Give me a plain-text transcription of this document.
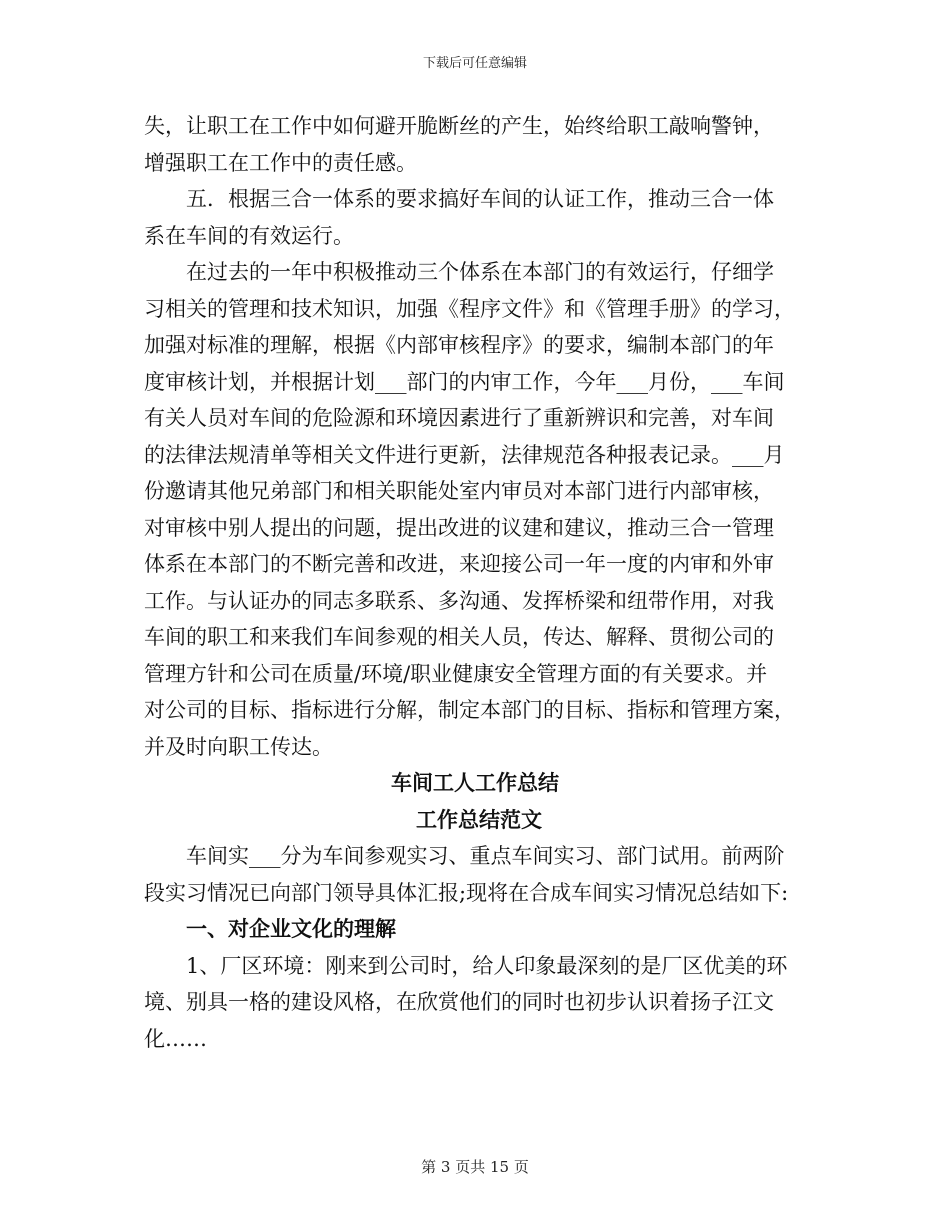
下载后可任意编辑
失，让职工在工作中如何避开脆断丝的产生，始终给职工敲响警钟，
增强职工在工作中的责任感。
五．根据三合一体系的要求搞好车间的认证工作，推动三合一体
系在车间的有效运行。
在过去的一年中积极推动三个体系在本部门的有效运行，仔细学
习相关的管理和技术知识，加强《程序文件》和《管理手册》的学习，
加强对标准的理解，根据《内部审核程序》的要求，编制本部门的年
度审核计划，并根据计划___部门的内审工作，今年___月份，___车间
有关人员对车间的危险源和环境因素进行了重新辨识和完善，对车间
的法律法规清单等相关文件进行更新，法律规范各种报表记录。___月
份邀请其他兄弟部门和相关职能处室内审员对本部门进行内部审核，
对审核中别人提出的问题，提出改进的议建和建议，推动三合一管理
体系在本部门的不断完善和改进，来迎接公司一年一度的内审和外审
工作。与认证办的同志多联系、多沟通、发挥桥梁和纽带作用，对我
车间的职工和来我们车间参观的相关人员，传达、解释、贯彻公司的
管理方针和公司在质量/环境/职业健康安全管理方面的有关要求。并
对公司的目标、指标进行分解，制定本部门的目标、指标和管理方案，
并及时向职工传达。
车间工人工作总结
工作总结范文
车间实___分为车间参观实习、重点车间实习、部门试用。前两阶
段实习情况已向部门领导具体汇报;现将在合成车间实习情况总结如下:
一、对企业文化的理解
1、厂区环境：刚来到公司时，给人印象最深刻的是厂区优美的环
境、别具一格的建设风格，在欣赏他们的同时也初步认识着扬子江文
化……
第 3 页共 15 页
